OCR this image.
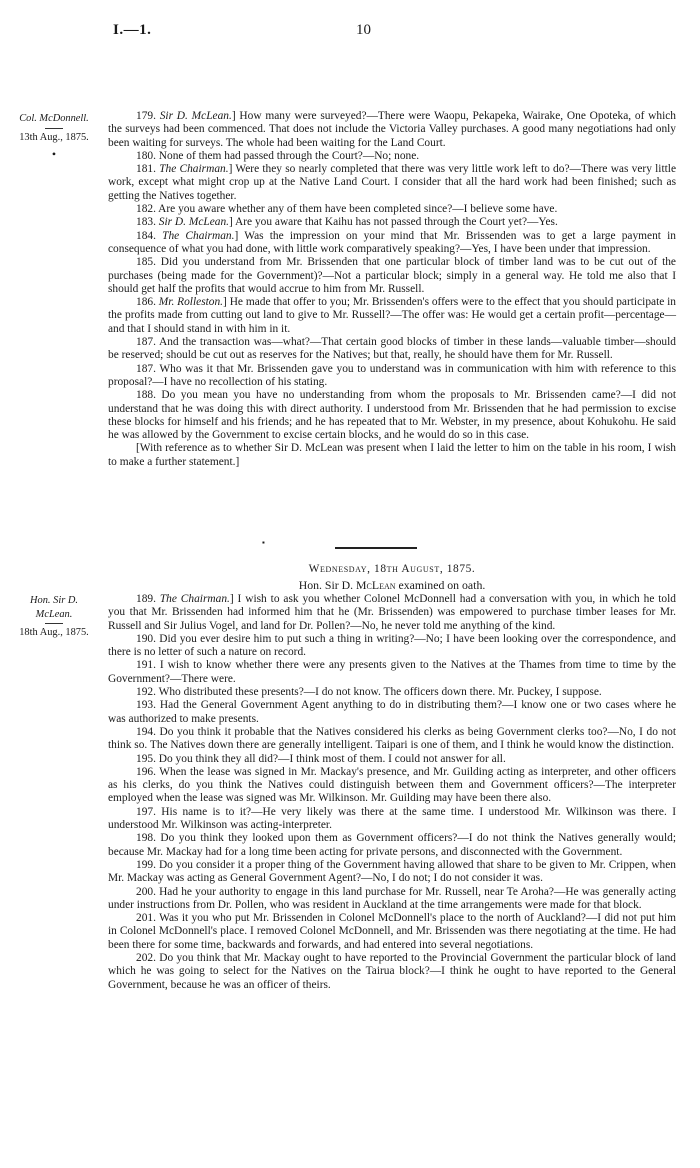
I.—1.	10
Col. McDonnell.
13th Aug., 1875.
•

179. Sir D. McLean.] How many were surveyed?—There were Waopu, Pekapeka, Wairake, One Opoteka, of which the surveys had been commenced. That does not include the Victoria Valley purchases. A good many negotiations had only been waiting for surveys. The whole had been waiting for the Land Court.

180. None of them had passed through the Court?—No; none.

181. The Chairman.] Were they so nearly completed that there was very little work left to do?—There was very little work, except what might crop up at the Native Land Court. I consider that all the hard work had been finished; such as getting the Natives together.

182. Are you aware whether any of them have been completed since?—I believe some have.

183. Sir D. McLean.] Are you aware that Kaihu has not passed through the Court yet?—Yes.

184. The Chairman.] Was the impression on your mind that Mr. Brissenden was to get a large payment in consequence of what you had done, with little work comparatively speaking?—Yes, I have been under that impression.

185. Did you understand from Mr. Brissenden that one particular block of timber land was to be cut out of the purchases (being made for the Government)?—Not a particular block; simply in a general way. He told me also that I should get half the profits that would accrue to him from Mr. Russell.

186. Mr. Rolleston.] He made that offer to you; Mr. Brissenden's offers were to the effect that you should participate in the profits made from cutting out land to give to Mr. Russell?—The offer was: He would get a certain profit—percentage—and that I should stand in with him in it.

187. And the transaction was—what?—That certain good blocks of timber in these lands—valuable timber—should be reserved; should be cut out as reserves for the Natives; but that, really, he should have them for Mr. Russell.

187. Who was it that Mr. Brissenden gave you to understand was in communication with him with reference to this proposal?—I have no recollection of his stating.

188. Do you mean you have no understanding from whom the proposals to Mr. Brissenden came?—I did not understand that he was doing this with direct authority. I understood from Mr. Brissenden that he had permission to excise these blocks for himself and his friends; and he has repeated that to Mr. Webster, in my presence, about Kohukohu. He said he was allowed by the Government to excise certain blocks, and he would do so in this case.

[With reference as to whether Sir D. McLean was present when I laid the letter to him on the table in his room, I wish to make a further statement.]

▪
Wednesday, 18th August, 1875.
Hon. Sir D. McLean examined on oath.
Hon. Sir D.
McLean.
18th Aug., 1875.

189. The Chairman.] I wish to ask you whether Colonel McDonnell had a conversation with you, in which he told you that Mr. Brissenden had informed him that he (Mr. Brissenden) was empowered to purchase timber leases for Mr. Russell and Sir Julius Vogel, and land for Dr. Pollen?—No, he never told me anything of the kind.

190. Did you ever desire him to put such a thing in writing?—No; I have been looking over the correspondence, and there is no letter of such a nature on record.

191. I wish to know whether there were any presents given to the Natives at the Thames from time to time by the Government?—There were.

192. Who distributed these presents?—I do not know. The officers down there. Mr. Puckey, I suppose.

193. Had the General Government Agent anything to do in distributing them?—I know one or two cases where he was authorized to make presents.

194. Do you think it probable that the Natives considered his clerks as being Government clerks too?—No, I do not think so. The Natives down there are generally intelligent. Taipari is one of them, and I think he would know the distinction.

195. Do you think they all did?—I think most of them. I could not answer for all.

196. When the lease was signed in Mr. Mackay's presence, and Mr. Guilding acting as interpreter, and other officers as his clerks, do you think the Natives could distinguish between them and Government officers?—The interpreter employed when the lease was signed was Mr. Wilkinson. Mr. Guilding may have been there also.

197. His name is to it?—He very likely was there at the same time. I understood Mr. Wilkinson was there. I understood Mr. Wilkinson was acting-interpreter.

198. Do you think they looked upon them as Government officers?—I do not think the Natives generally would; because Mr. Mackay had for a long time been acting for private persons, and disconnected with the Government.

199. Do you consider it a proper thing of the Government having allowed that share to be given to Mr. Crippen, when Mr. Mackay was acting as General Government Agent?—No, I do not; I do not consider it was.

200. Had he your authority to engage in this land purchase for Mr. Russell, near Te Aroha?—He was generally acting under instructions from Dr. Pollen, who was resident in Auckland at the time arrangements were made for that block.

201. Was it you who put Mr. Brissenden in Colonel McDonnell's place to the north of Auckland?—I did not put him in Colonel McDonnell's place. I removed Colonel McDonnell, and Mr. Brissenden was there negotiating at the time. He had been there for some time, backwards and forwards, and had entered into several negotiations.

202. Do you think that Mr. Mackay ought to have reported to the Provincial Government the particular block of land which he was going to select for the Natives on the Tairua block?—I think he ought to have reported to the General Government, because he was an officer of theirs.
